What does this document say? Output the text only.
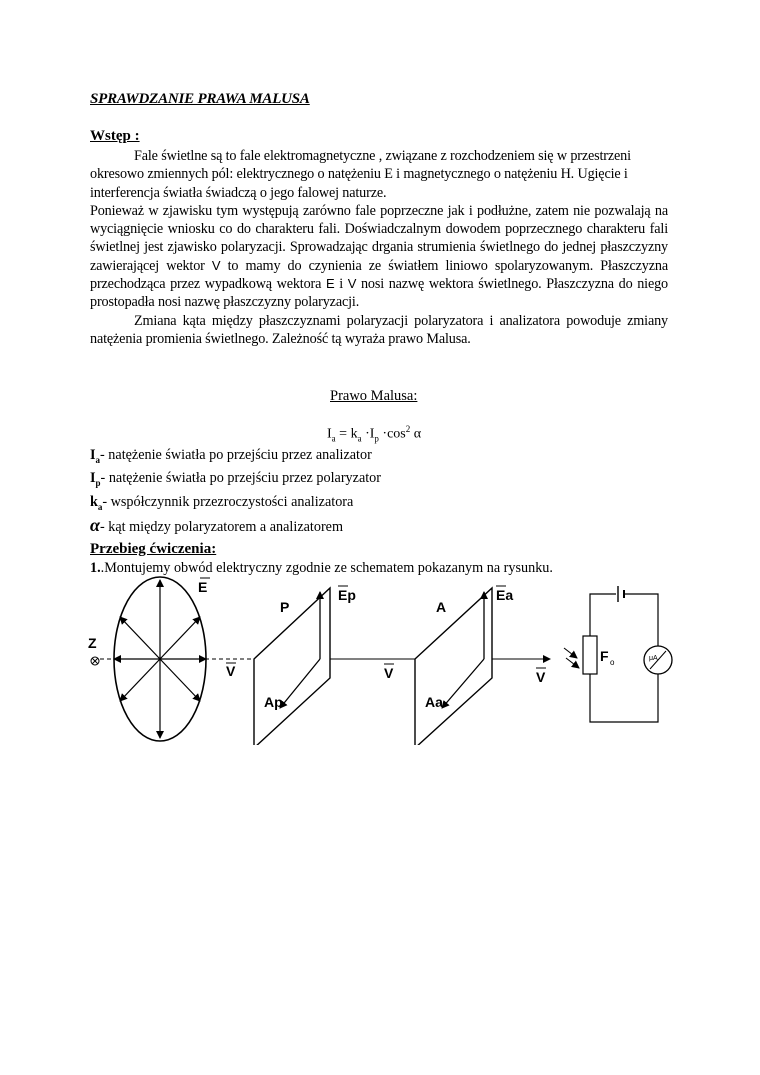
SPRAWDZANIE PRAWA MALUSA
Wstęp :

Fale świetlne są to fale elektromagnetyczne , związane z rozchodzeniem się w przestrzeni okresowo zmiennych pól: elektrycznego o natężeniu E i magnetycznego o natężeniu H. Ugięcie i interferencja światła świadczą o jego falowej naturze.

Ponieważ w zjawisku tym występują zarówno fale poprzeczne jak i podłużne, zatem nie pozwalają na wyciągnięcie wniosku co do charakteru fali. Doświadczalnym dowodem poprzecznego charakteru fali świetlnej jest zjawisko polaryzacji. Sprowadzając drgania strumienia świetlnego do jednej płaszczyzny zawierającej wektor V to mamy do czynienia ze światłem liniowo spolaryzowanym. Płaszczyzna przechodząca przez wypadkową wektora E i V nosi nazwę wektora świetlnego. Płaszczyzna do niego prostopadła nosi nazwę płaszczyzny polaryzacji.

Zmiana kąta między płaszczyznami polaryzacji polaryzatora i analizatora powoduje zmiany natężenia promienia świetlnego. Zależność tą wyraża prawo Malusa.

Prawo Malusa:
$I_a = k_a \cdot I_p \cdot\cos^2$ α
$I_a-$ natężenie światła po przejściu przez analizator
$I_p-$ natężenie światła po przejściu przez polaryzator
$k_a-$ współczynnik przezroczystości analizatora
α- kąt między polaryzatorem a analizatorem
Przebieg ćwiczenia:
1..Montujemy obwód elektryczny zgodnie ze schematem pokazanym na rysunku.
E
Z
V
P
Ep
Ap
V
A
Ea
Aa
V
F o	μA
